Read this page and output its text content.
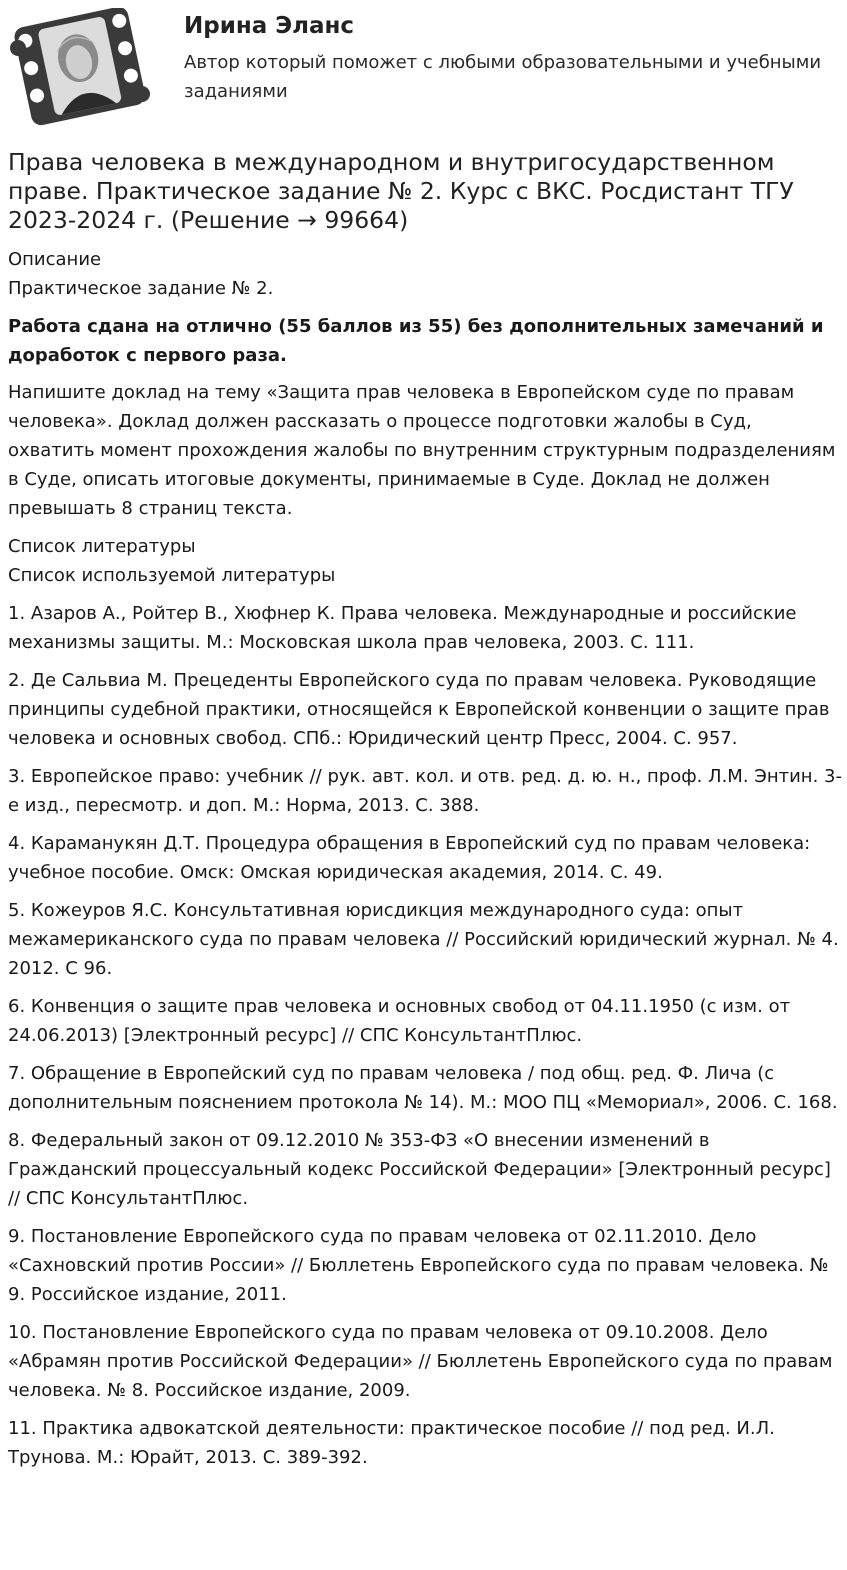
Ирина Эланс
Автор который поможет с любыми образовательными и учебными заданиями
Права человека в международном и внутригосударственном праве. Практическое задание № 2. Курс с ВКС. Росдистант ТГУ 2023-2024 г. (Решение → 99664)

Описание

Практическое задание № 2.

Работа сдана на отлично (55 баллов из 55) без дополнительных замечаний и доработок с первого раза.

Напишите доклад на тему «Защита прав человека в Европейском суде по правам человека». Доклад должен рассказать о процессе подготовки жалобы в Суд, охватить момент прохождения жалобы по внутренним структурным подразделениям в Суде, описать итоговые документы, принимаемые в Суде. Доклад не должен превышать 8 страниц текста.

Список литературы

Список используемой литературы

1. Азаров А., Ройтер В., Хюфнер К. Права человека. Международные и российские механизмы защиты. М.: Московская школа прав человека, 2003. С. 111.

2. Де Сальвиа М. Прецеденты Европейского суда по правам человека. Руководящие принципы судебной практики, относящейся к Европейской конвенции о защите прав человека и основных свобод. СПб.: Юридический центр Пресс, 2004. С. 957.

3. Европейское право: учебник // рук. авт. кол. и отв. ред. д. ю. н., проф. Л.М. Энтин. 3-е изд., пересмотр. и доп. М.: Норма, 2013. С. 388.

4. Караманукян Д.Т. Процедура обращения в Европейский суд по правам человека: учебное пособие. Омск: Омская юридическая академия, 2014. С. 49.

5. Кожеуров Я.С. Консультативная юрисдикция международного суда: опыт межамериканского суда по правам человека // Российский юридический журнал. № 4. 2012. С 96.

6. Конвенция о защите прав человека и основных свобод от 04.11.1950 (с изм. от 24.06.2013) [Электронный ресурс] // СПС КонсультантПлюс.

7. Обращение в Европейский суд по правам человека / под общ. ред. Ф. Лича (с дополнительным пояснением протокола № 14). М.: МОО ПЦ «Мемориал», 2006. С. 168.

8. Федеральный закон от 09.12.2010 № 353-ФЗ «О внесении изменений в Гражданский процессуальный кодекс Российской Федерации» [Электронный ресурс] // СПС КонсультантПлюс.

9. Постановление Европейского суда по правам человека от 02.11.2010. Дело «Сахновский против России» // Бюллетень Европейского суда по правам человека. № 9. Российское издание, 2011.

10. Постановление Европейского суда по правам человека от 09.10.2008. Дело «Абрамян против Российской Федерации» // Бюллетень Европейского суда по правам человека. № 8. Российское издание, 2009.

11. Практика адвокатской деятельности: практическое пособие // под ред. И.Л. Трунова. М.: Юрайт, 2013. С. 389-392.
